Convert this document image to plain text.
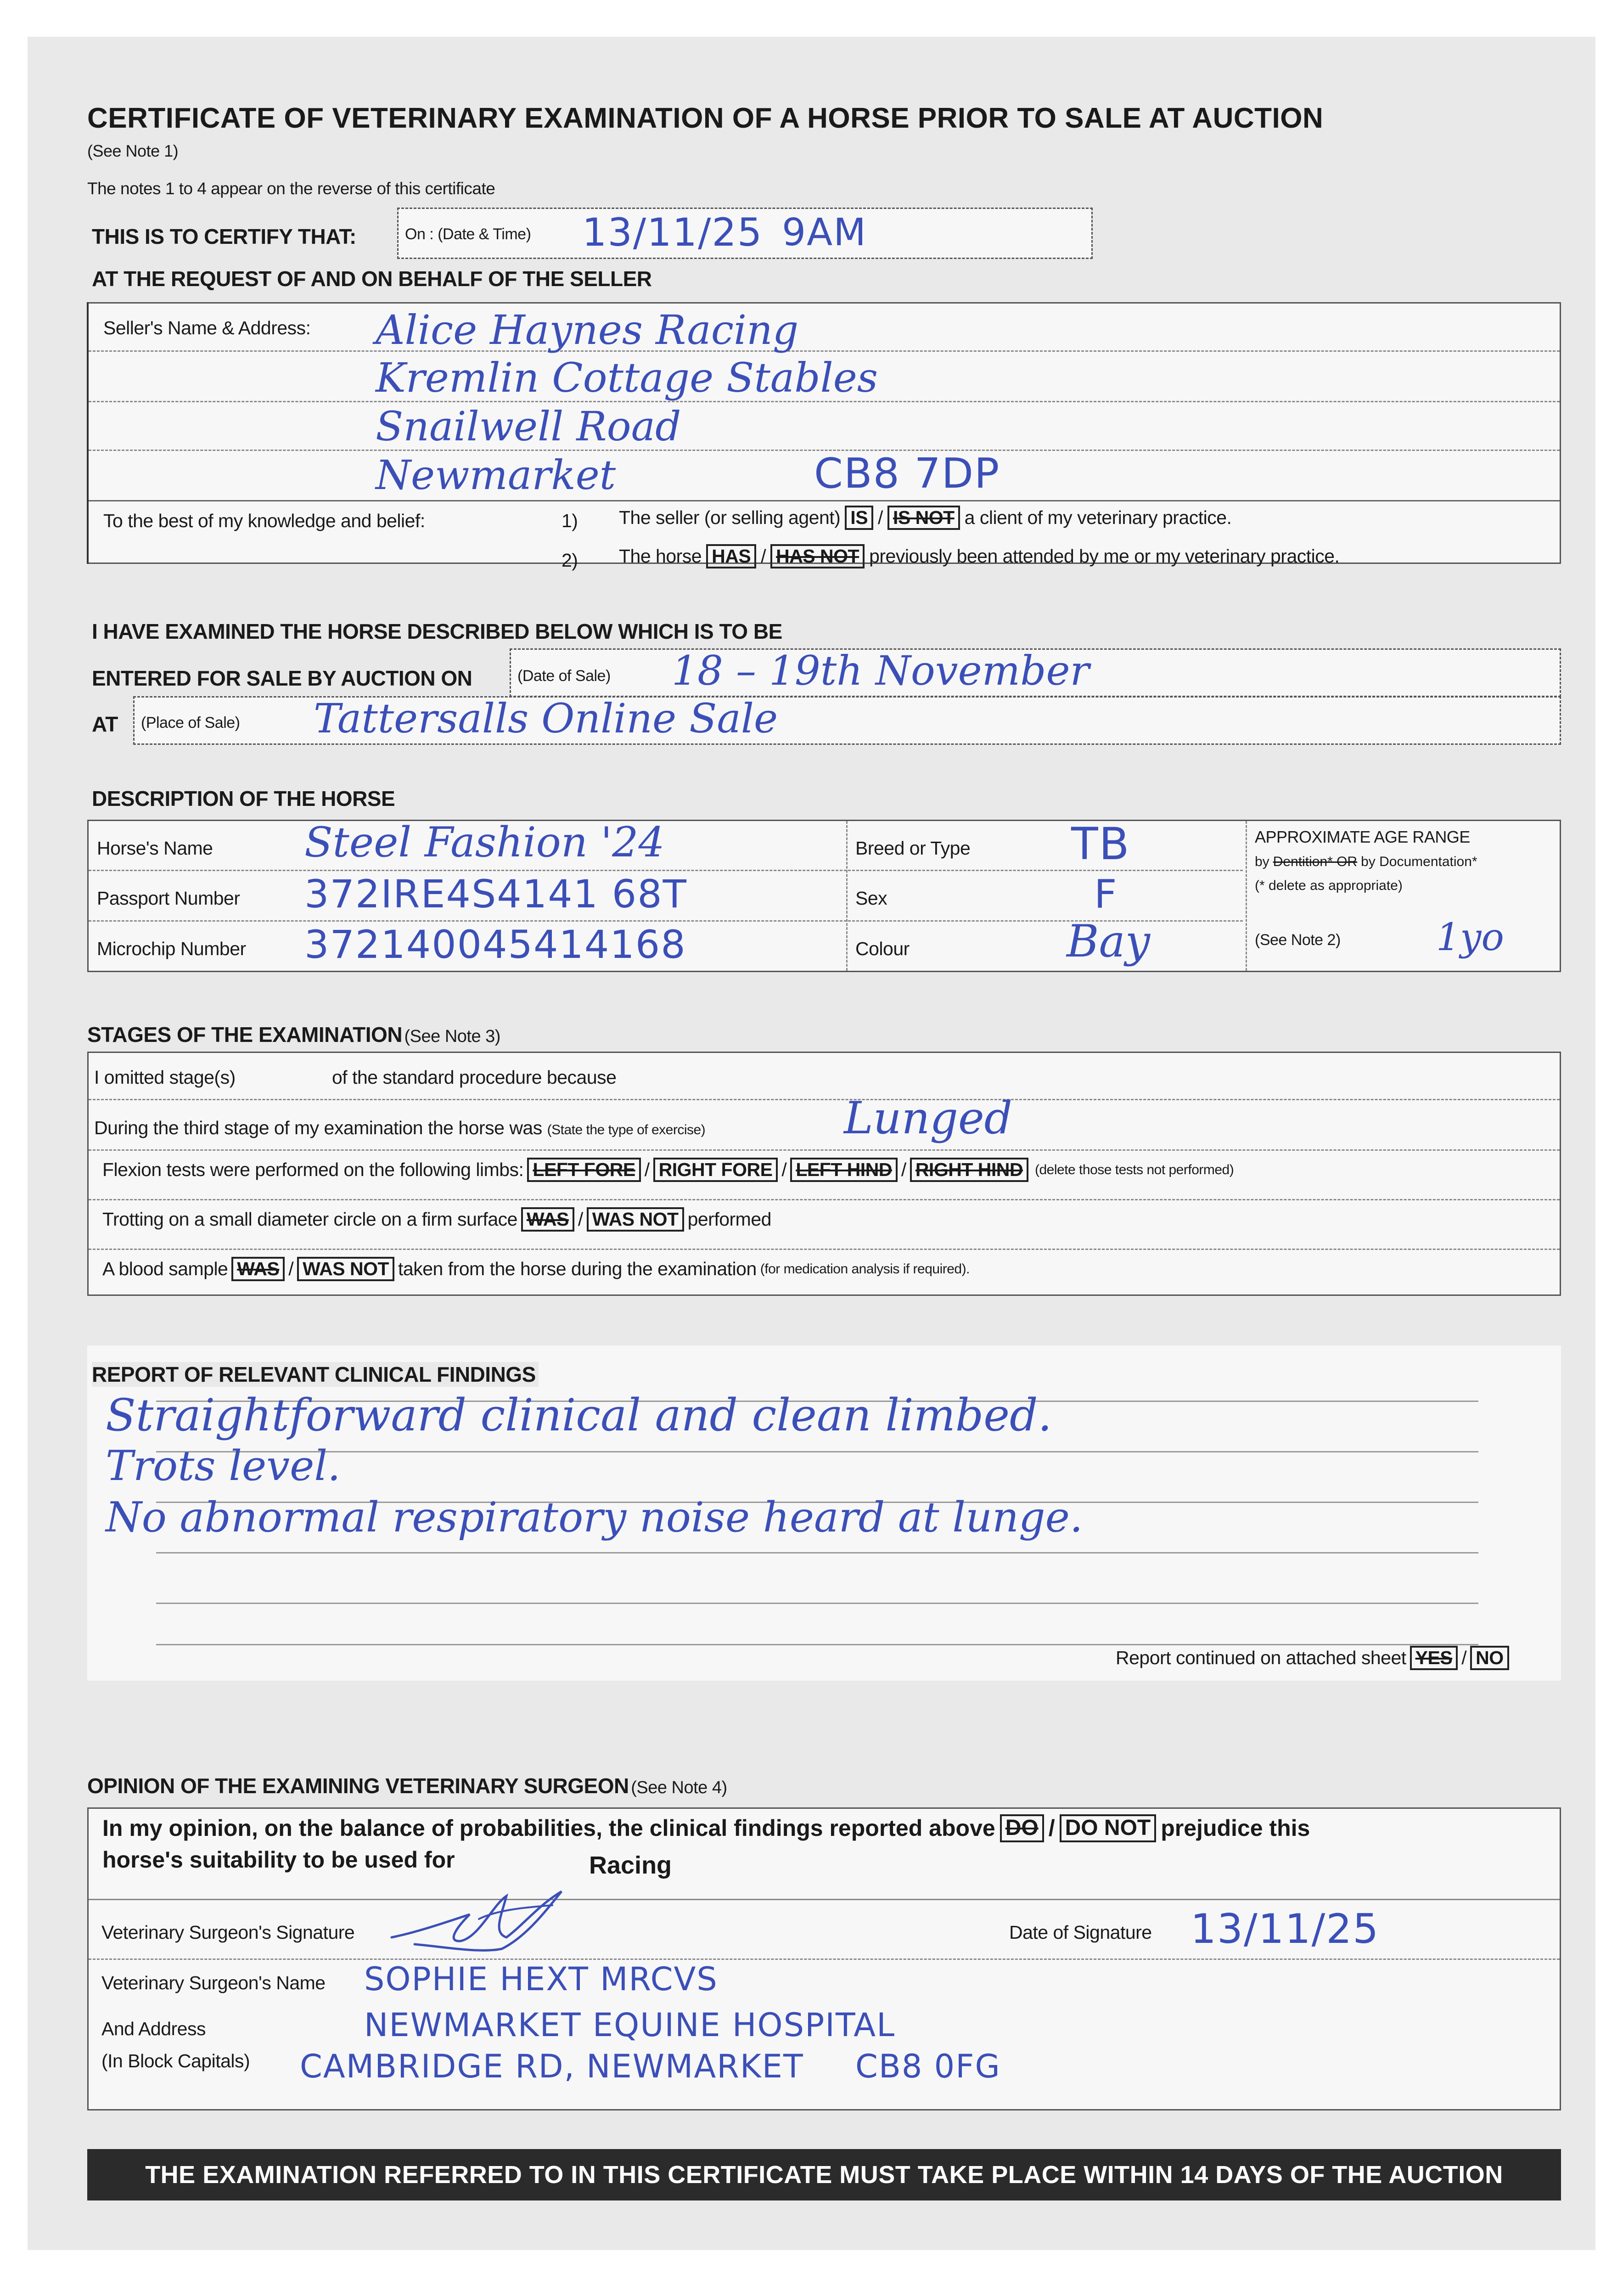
CERTIFICATE OF VETERINARY EXAMINATION OF A HORSE PRIOR TO SALE AT AUCTION
(See Note 1)
The notes 1 to 4 appear on the reverse of this certificate
THIS IS TO CERTIFY THAT:	On : (Date & Time) 13/11/25 9AM
AT THE REQUEST OF AND ON BEHALF OF THE SELLER
Seller's Name & Address: Alice Haynes Racing
Kremlin Cottage Stables
Snailwell Road
Newmarket	CB8 7DP
To the best of my knowledge and belief:	1) The seller (or selling agent) IS / IS NOT a client of my veterinary practice.
2) The horse HAS / HAS NOT previously been attended by me or my veterinary practice.
I HAVE EXAMINED THE HORSE DESCRIBED BELOW WHICH IS TO BE
ENTERED FOR SALE BY AUCTION ON	(Date of Sale) 18 – 19th November
AT (Place of Sale) Tattersalls Online Sale
DESCRIPTION OF THE HORSE
Horse's Name Steel Fashion '24
Passport Number 372IRE4S4141 68T
Microchip Number 372140045414168
Breed or Type TB
Sex	F
Colour	Bay
APPROXIMATE AGE RANGE
by Dentition* OR by Documentation*
(* delete as appropriate)
(See Note 2)	1yo
STAGES OF THE EXAMINATION (See Note 3)
I omitted stage(s)	of the standard procedure because
During the third stage of my examination the horse was (State the type of exercise)	Lunged
Flexion tests were performed on the following limbs: LEFT FORE / RIGHT FORE / LEFT HIND / RIGHT HIND (delete those tests not performed)
Trotting on a small diameter circle on a firm surface WAS / WAS NOT performed
A blood sample WAS / WAS NOT taken from the horse during the examination (for medication analysis if required).
REPORT OF RELEVANT CLINICAL FINDINGS
Straightforward clinical and clean limbed.
Trots level.
No abnormal respiratory noise heard at lunge.
Report continued on attached sheet YES / NO
OPINION OF THE EXAMINING VETERINARY SURGEON (See Note 4)
In my opinion, on the balance of probabilities, the clinical findings reported above DO / DO NOT prejudice this
horse's suitability to be used for	Racing
Veterinary Surgeon's Signature	Date of Signature 13/11/25
Veterinary Surgeon's Name SOPHIE HEXT MRCVS
And Address
(In Block Capitals)
NEWMARKET EQUINE HOSPITAL
CAMBRIDGE RD, NEWMARKET CB8 0FG
THE EXAMINATION REFERRED TO IN THIS CERTIFICATE MUST TAKE PLACE WITHIN 14 DAYS OF THE AUCTION
